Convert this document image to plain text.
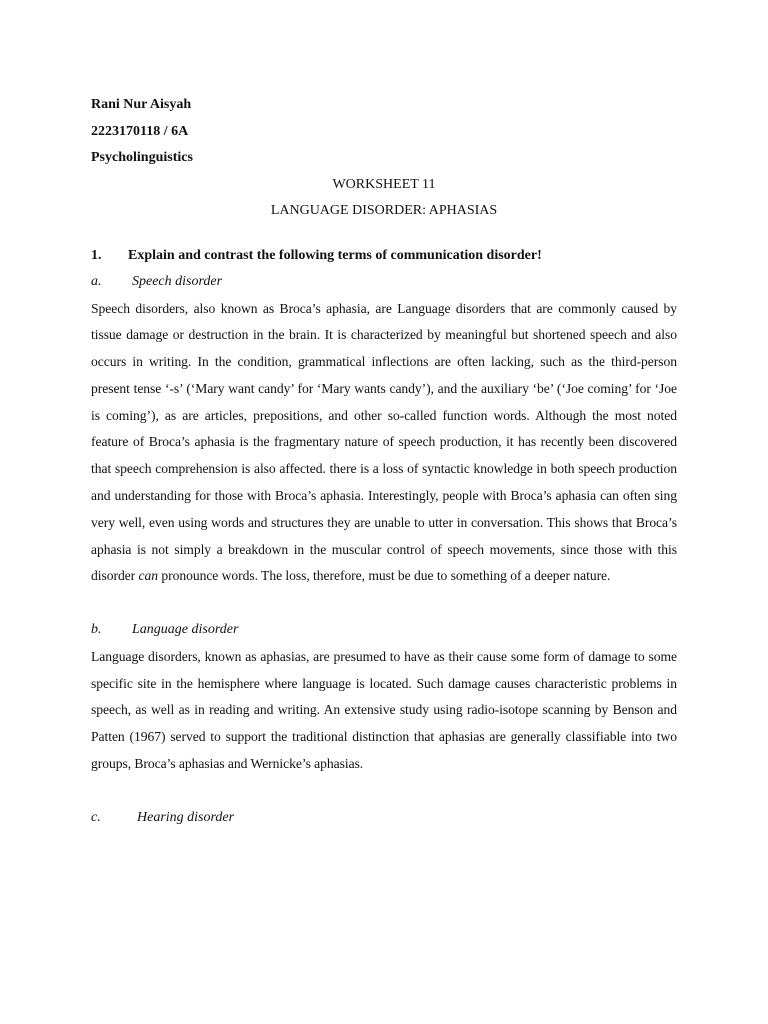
Rani Nur Aisyah

2223170118 / 6A

Psycholinguistics

WORKSHEET 11

LANGUAGE DISORDER: APHASIAS

1.	Explain and contrast the following terms of communication disorder!
a.	Speech disorder

Speech disorders, also known as Broca’s aphasia, are Language disorders that are commonly caused by tissue damage or destruction in the brain. It is characterized by meaningful but shortened speech and also occurs in writing. In the condition, grammatical inflections are often lacking, such as the third-person present tense ‘-s’ (‘Mary want candy’ for ‘Mary wants candy’), and the auxiliary ‘be’ (‘Joe coming’ for ‘Joe is coming’), as are articles, prepositions, and other so-called function words. Although the most noted feature of Broca’s aphasia is the fragmentary nature of speech production, it has recently been discovered that speech comprehension is also affected. there is a loss of syntactic knowledge in both speech production and understanding for those with Broca’s aphasia. Interestingly, people with Broca’s aphasia can often sing very well, even using words and structures they are unable to utter in conversation. This shows that Broca’s aphasia is not simply a breakdown in the muscular control of speech movements, since those with this disorder can pronounce words. The loss, therefore, must be due to something of a deeper nature.

b.	Language disorder

Language disorders, known as aphasias, are presumed to have as their cause some form of damage to some specific site in the hemisphere where language is located. Such damage causes characteristic problems in speech, as well as in reading and writing. An extensive study using radio-isotope scanning by Benson and Patten (1967) served to support the traditional distinction that aphasias are generally classifiable into two groups, Broca’s aphasias and Wernicke’s aphasias.

c.	Hearing disorder
